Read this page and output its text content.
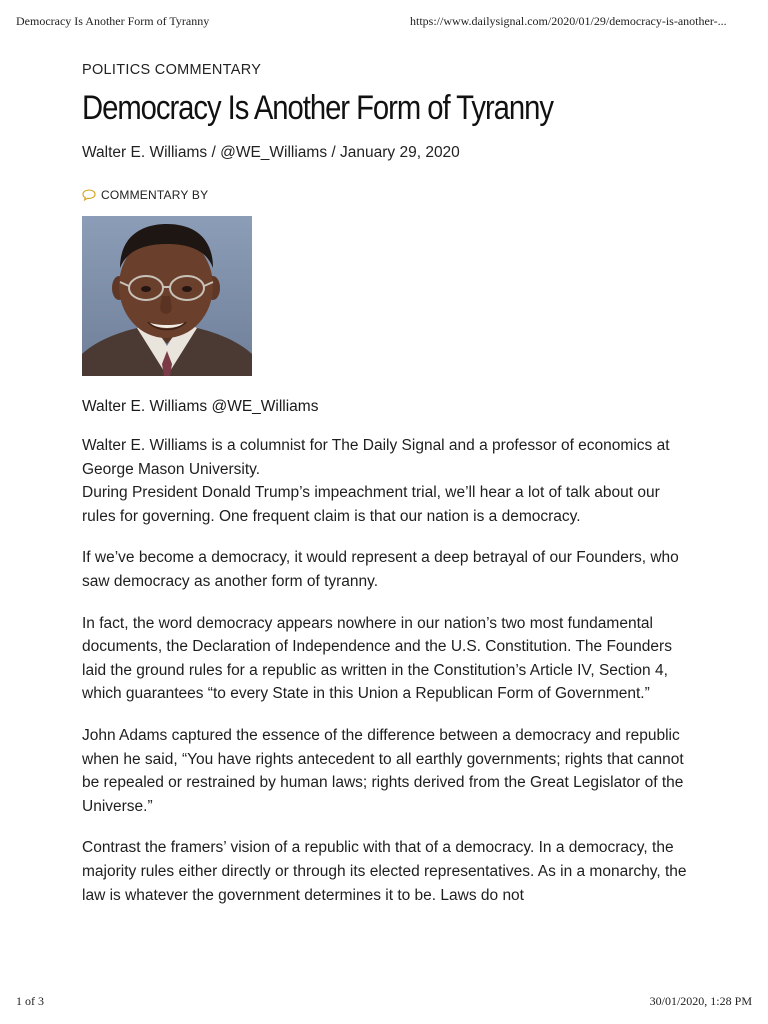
Democracy Is Another Form of Tyranny	https://www.dailysignal.com/2020/01/29/democracy-is-another-...

POLITICS COMMENTARY

Democracy Is Another Form of Tyranny
Walter E. Williams / @WE_Williams / January 29, 2020
COMMENTARY BY
Walter E. Williams @WE_Williams

Walter E. Williams is a columnist for The Daily Signal and a professor of economics at George Mason University.

During President Donald Trump’s impeachment trial, we’ll hear a lot of talk about our rules for governing. One frequent claim is that our nation is a democracy.

If we’ve become a democracy, it would represent a deep betrayal of our Founders, who saw democracy as another form of tyranny.

In fact, the word democracy appears nowhere in our nation’s two most fundamental documents, the Declaration of Independence and the U.S. Constitution. The Founders laid the ground rules for a republic as written in the Constitution’s Article IV, Section 4, which guarantees “to every State in this Union a Republican Form of Government.”

John Adams captured the essence of the difference between a democracy and republic when he said, “You have rights antecedent to all earthly governments; rights that cannot be repealed or restrained by human laws; rights derived from the Great Legislator of the Universe.”

Contrast the framers’ vision of a republic with that of a democracy. In a democracy, the majority rules either directly or through its elected representatives. As in a monarchy, the law is whatever the government determines it to be. Laws do not

1 of 3	30/01/2020, 1:28 PM
